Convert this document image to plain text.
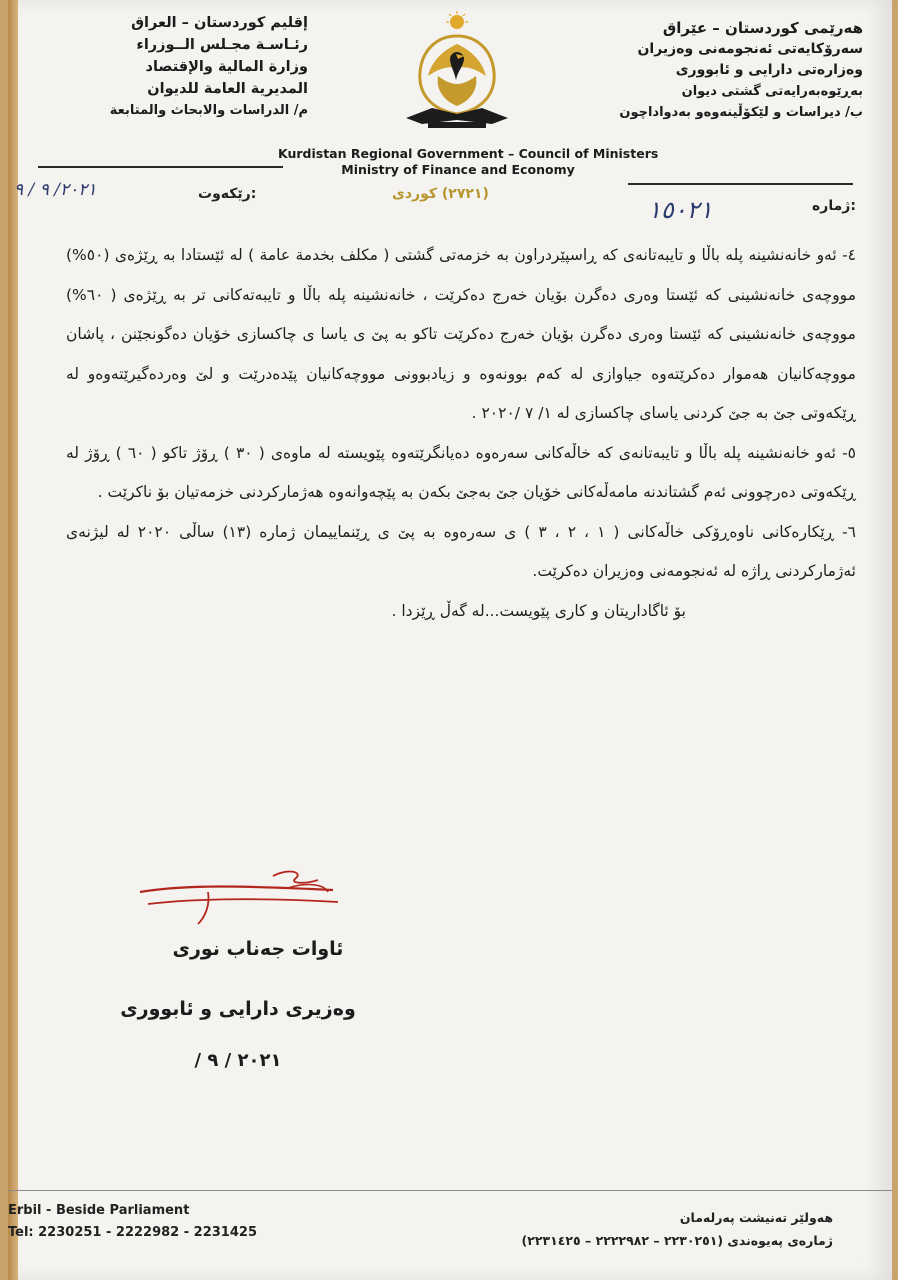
إقليم كوردستان – العراق
رئـاسـة مجـلس الــوزراء
وزارة المالية والإقتصاد
المديرية العامة للديوان
م/ الدراسات والابحاث والمتابعة
هەرێمی کوردستان – عێراق
سەرۆکایەتی ئەنجومەنی وەزیران
وەزارەتی دارایی و ئابووری
بەڕێوەبەرایەتی گشتی دیوان
ب/ دیراسات و لێکۆڵینەوەو بەدواداچون
Kurdistan Regional Government – Council of Ministers
Ministry of Finance and Economy
٢٠٢١/ ٩ / ٩	رێکەوت:	(٢٧٢١) کوردی
ژمارە:
١٥٠٢١

٤- ئەو خانەنشینە پلە باڵا و تایبەتانەی کە ڕاسپێردراون بە خزمەتی گشتی ( مكلف بخدمة عامة ) لە ئێستادا بە ڕێژەی (٥٠%) مووچەی خانەنشینی کە ئێستا وەری دەگرن بۆیان خەرج دەکرێت ، خانەنشینە پلە باڵا و تایبەتەکانی تر بە ڕێژەی ( ٦٠%) مووچەی خانەنشینی کە ئێستا وەری دەگرن بۆیان خەرج دەکرێت تاکو بە پێ ی یاسا ی چاکسازی خۆیان دەگونجێنن ، پاشان مووچەکانیان هەموار دەکرێتەوە جیاوازی لە کەم بوونەوە و زیادبوونی مووچەکانیان پێدەدرێت و لێ وەردەگیرێتەوەو لە ڕێکەوتی جێ بە جێ کردنی یاسای چاکسازی لە ١/ ٧ /٢٠٢٠ .

٥- ئەو خانەنشینە پلە باڵا و تایبەتانەی کە خاڵەکانی سەرەوە دەیانگرێتەوە پێویستە لە ماوەی ( ٣٠ ) ڕۆژ تاکو ( ٦٠ ) ڕۆژ لە ڕێکەوتی دەرچوونی ئەم گشتاندنە مامەڵەکانی خۆیان جێ بەجێ بکەن بە پێچەوانەوە هەژمارکردنی خزمەتیان بۆ ناکرێت .

٦- ڕێکارەکانی ناوەڕۆکی خاڵەکانی ( ١ ، ٢ ، ٣ ) ی سەرەوە بە پێ ی ڕێنماییمان ژمارە (١٣) ساڵی ٢٠٢٠ لە لیژنەی ئەژمارکردنی ڕاژە لە ئەنجومەنی وەزیران دەکرێت.

بۆ ئاگاداریتان و کاری پێویست...لە گەڵ ڕێزدا .

ئاوات جەناب نوری
وەزیری دارایی و ئابووری
٢٠٢١ / ٩ /
Erbil - Beside Parliament
Tel: 2230251 - 2222982 - 2231425
هەولێر تەنیشت پەرلەمان
ژمارەی پەیوەندی (٢٢٣٠٢٥١ – ٢٢٢٢٩٨٢ – ٢٢٣١٤٢٥)
